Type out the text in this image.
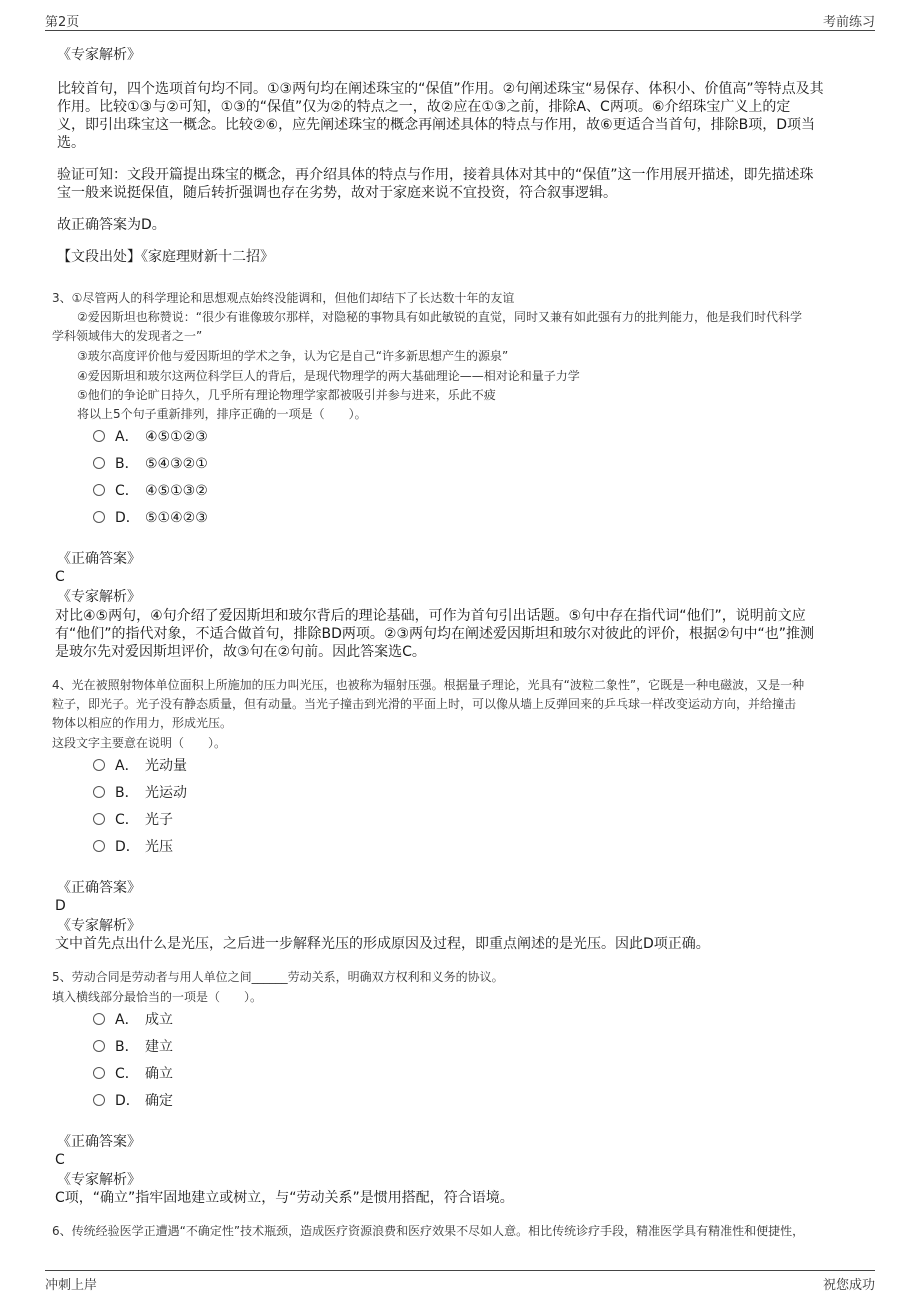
第2页	考前练习
《专家解析》
比较首句，四个选项首句均不同。①③两句均在阐述珠宝的“保值”作用。②句阐述珠宝“易保存、体积小、价值高”等特点及其
作用。比较①③与②可知，①③的“保值”仅为②的特点之一，故②应在①③之前，排除A、C两项。⑥介绍珠宝广义上的定
义，即引出珠宝这一概念。比较②⑥，应先阐述珠宝的概念再阐述具体的特点与作用，故⑥更适合当首句，排除B项，D项当
选。
验证可知：文段开篇提出珠宝的概念，再介绍具体的特点与作用，接着具体对其中的“保值”这一作用展开描述，即先描述珠
宝一般来说挺保值，随后转折强调也存在劣势，故对于家庭来说不宜投资，符合叙事逻辑。
故正确答案为D。
【文段出处】《家庭理财新十二招》
3、①尽管两人的科学理论和思想观点始终没能调和，但他们却结下了长达数十年的友谊
②爱因斯坦也称赞说：“很少有谁像玻尔那样，对隐秘的事物具有如此敏锐的直觉，同时又兼有如此强有力的批判能力，他是我们时代科学
学科领域伟大的发现者之一”
③玻尔高度评价他与爱因斯坦的学术之争，认为它是自己“许多新思想产生的源泉”
④爱因斯坦和玻尔这两位科学巨人的背后，是现代物理学的两大基础理论——相对论和量子力学
⑤他们的争论旷日持久，几乎所有理论物理学家都被吸引并参与进来，乐此不疲
将以上5个句子重新排列，排序正确的一项是（　　）。
A． ④⑤①②③
B． ⑤④③②①
C． ④⑤①③②
D． ⑤①④②③
《正确答案》
C
《专家解析》
对比④⑤两句，④句介绍了爱因斯坦和玻尔背后的理论基础，可作为首句引出话题。⑤句中存在指代词“他们”，说明前文应
有“他们”的指代对象，不适合做首句，排除BD两项。②③两句均在阐述爱因斯坦和玻尔对彼此的评价，根据②句中“也”推测
是玻尔先对爱因斯坦评价，故③句在②句前。因此答案选C。
4、光在被照射物体单位面积上所施加的压力叫光压，也被称为辐射压强。根据量子理论，光具有“波粒二象性”，它既是一种电磁波，又是一种
粒子，即光子。光子没有静态质量，但有动量。当光子撞击到光滑的平面上时，可以像从墙上反弹回来的乒乓球一样改变运动方向，并给撞击
物体以相应的作用力，形成光压。
这段文字主要意在说明（　　）。
A． 光动量
B． 光运动
C． 光子
D． 光压
《正确答案》
D
《专家解析》
文中首先点出什么是光压，之后进一步解释光压的形成原因及过程，即重点阐述的是光压。因此D项正确。
5、劳动合同是劳动者与用人单位之间______劳动关系，明确双方权利和义务的协议。
填入横线部分最恰当的一项是（　　）。
A． 成立
B． 建立
C． 确立
D． 确定
《正确答案》
C
《专家解析》
C项，“确立”指牢固地建立或树立，与“劳动关系”是惯用搭配，符合语境。
6、传统经验医学正遭遇“不确定性”技术瓶颈，造成医疗资源浪费和医疗效果不尽如人意。相比传统诊疗手段，精准医学具有精准性和便捷性，
冲刺上岸	祝您成功
